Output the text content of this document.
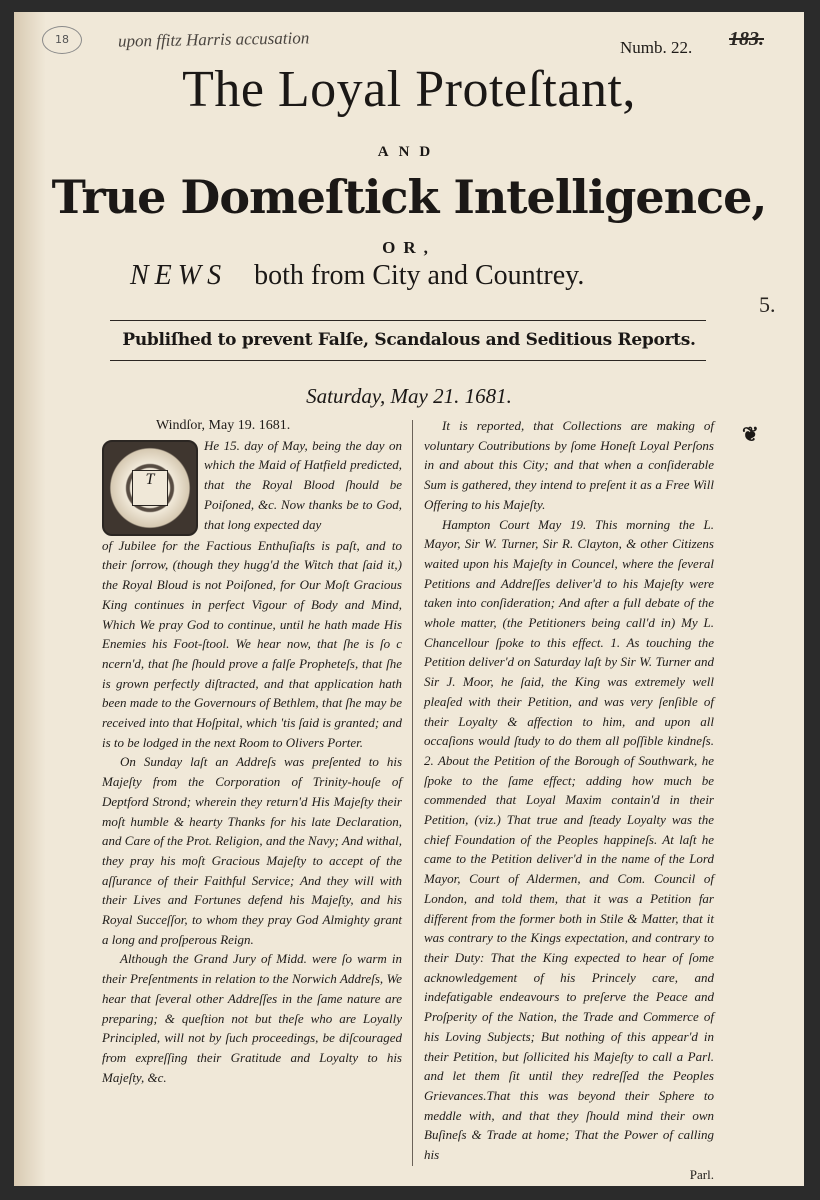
18	upon ffitz Harris accusation	Numb. 22. 183.
The Loyal Proteſtant,
AND
True Domeſtick Intelligence,
OR,
NEWS both from City and Countrey.
5.
Publiſhed to prevent Falſe, Scandalous and Seditious Reports.
Saturday, May 21. 1681.

Windſor, May 19. 1681.

T

He 15. day of May, being the day on which the Maid of Hatfield predicted, that the Royal Blood ſhould be Poiſoned, &c. Now thanks be to God, that long expected day

of Jubilee for the Factious Enthuſiaſts is paſt, and to their ſorrow, (though they hugg'd the Witch that ſaid it,) the Royal Bloud is not Poiſoned, for Our Moſt Gracious King continues in perfect Vigour of Body and Mind, Which We pray God to continue, until he hath made His Enemies his Foot-ſtool. We hear now, that ſhe is ſo c ncern'd, that ſhe ſhould prove a falſe Propheteſs, that ſhe is grown perfectly diſtracted, and that application hath been made to the Governours of Bethlem, that ſhe may be received into that Hoſpital, which 'tis ſaid is granted; and is to be lodged in the next Room to Olivers Porter.

On Sunday laſt an Addreſs was preſented to his Majeſty from the Corporation of Trinity-houſe of Deptford Strond; wherein they return'd His Majeſty their moſt humble & hearty Thanks for his late Declaration, and Care of the Prot. Religion, and the Navy; And withal, they pray his moſt Gracious Majeſty to accept of the aſſurance of their Faithful Service; And they will with their Lives and Fortunes defend his Majeſty, and his Royal Succeſſor, to whom they pray God Almighty grant a long and proſperous Reign.

Although the Grand Jury of Midd. were ſo warm in their Preſentments in relation to the Norwich Addreſs, We hear that ſeveral other Addreſſes in the ſame nature are preparing; & queſtion not but theſe who are Loyally Principled, will not by ſuch proceedings, be diſcouraged from expreſſing their Gratitude and Loyalty to his Majeſty, &c.

❦

It is reported, that Collections are making of voluntary Coutributions by ſome Honeſt Loyal Perſons in and about this City; and that when a conſiderable Sum is gathered, they intend to preſent it as a Free Will Offering to his Majeſty.

Hampton Court May 19. This morning the L. Mayor, Sir W. Turner, Sir R. Clayton, & other Citizens waited upon his Majeſty in Councel, where the ſeveral Petitions and Addreſſes deliver'd to his Majeſty were taken into conſideration; And after a full debate of the whole matter, (the Petitioners being call'd in) My L. Chancellour ſpoke to this effect. 1. As touching the Petition deliver'd on Saturday laſt by Sir W. Turner and Sir J. Moor, he ſaid, the King was extremely well pleaſed with their Petition, and was very ſenſible of their Loyalty & affection to him, and upon all occaſions would ſtudy to do them all poſſible kindneſs. 2. About the Petition of the Borough of Southwark, he ſpoke to the ſame effect; adding how much be commended that Loyal Maxim contain'd in their Petition, (viz.) That true and ſteady Loyalty was the chief Foundation of the Peoples happineſs. At laſt he came to the Petition deliver'd in the name of the Lord Mayor, Court of Aldermen, and Com. Council of London, and told them, that it was a Petition far different from the former both in Stile & Matter, that it was contrary to the Kings expectation, and contrary to their Duty: That the King expected to hear of ſome acknowledgement of his Princely care, and indefatigable endeavours to preſerve the Peace and Proſperity of the Nation, the Trade and Commerce of his Loving Subjects; But nothing of this appear'd in their Petition, but ſollicited his Majeſty to call a Parl. and let them ſit until they redreſſed the Peoples Grievances.That this was beyond their Sphere to meddle with, and that they ſhould mind their own Buſineſs & Trade at home; That the Power of calling his

Parl.
